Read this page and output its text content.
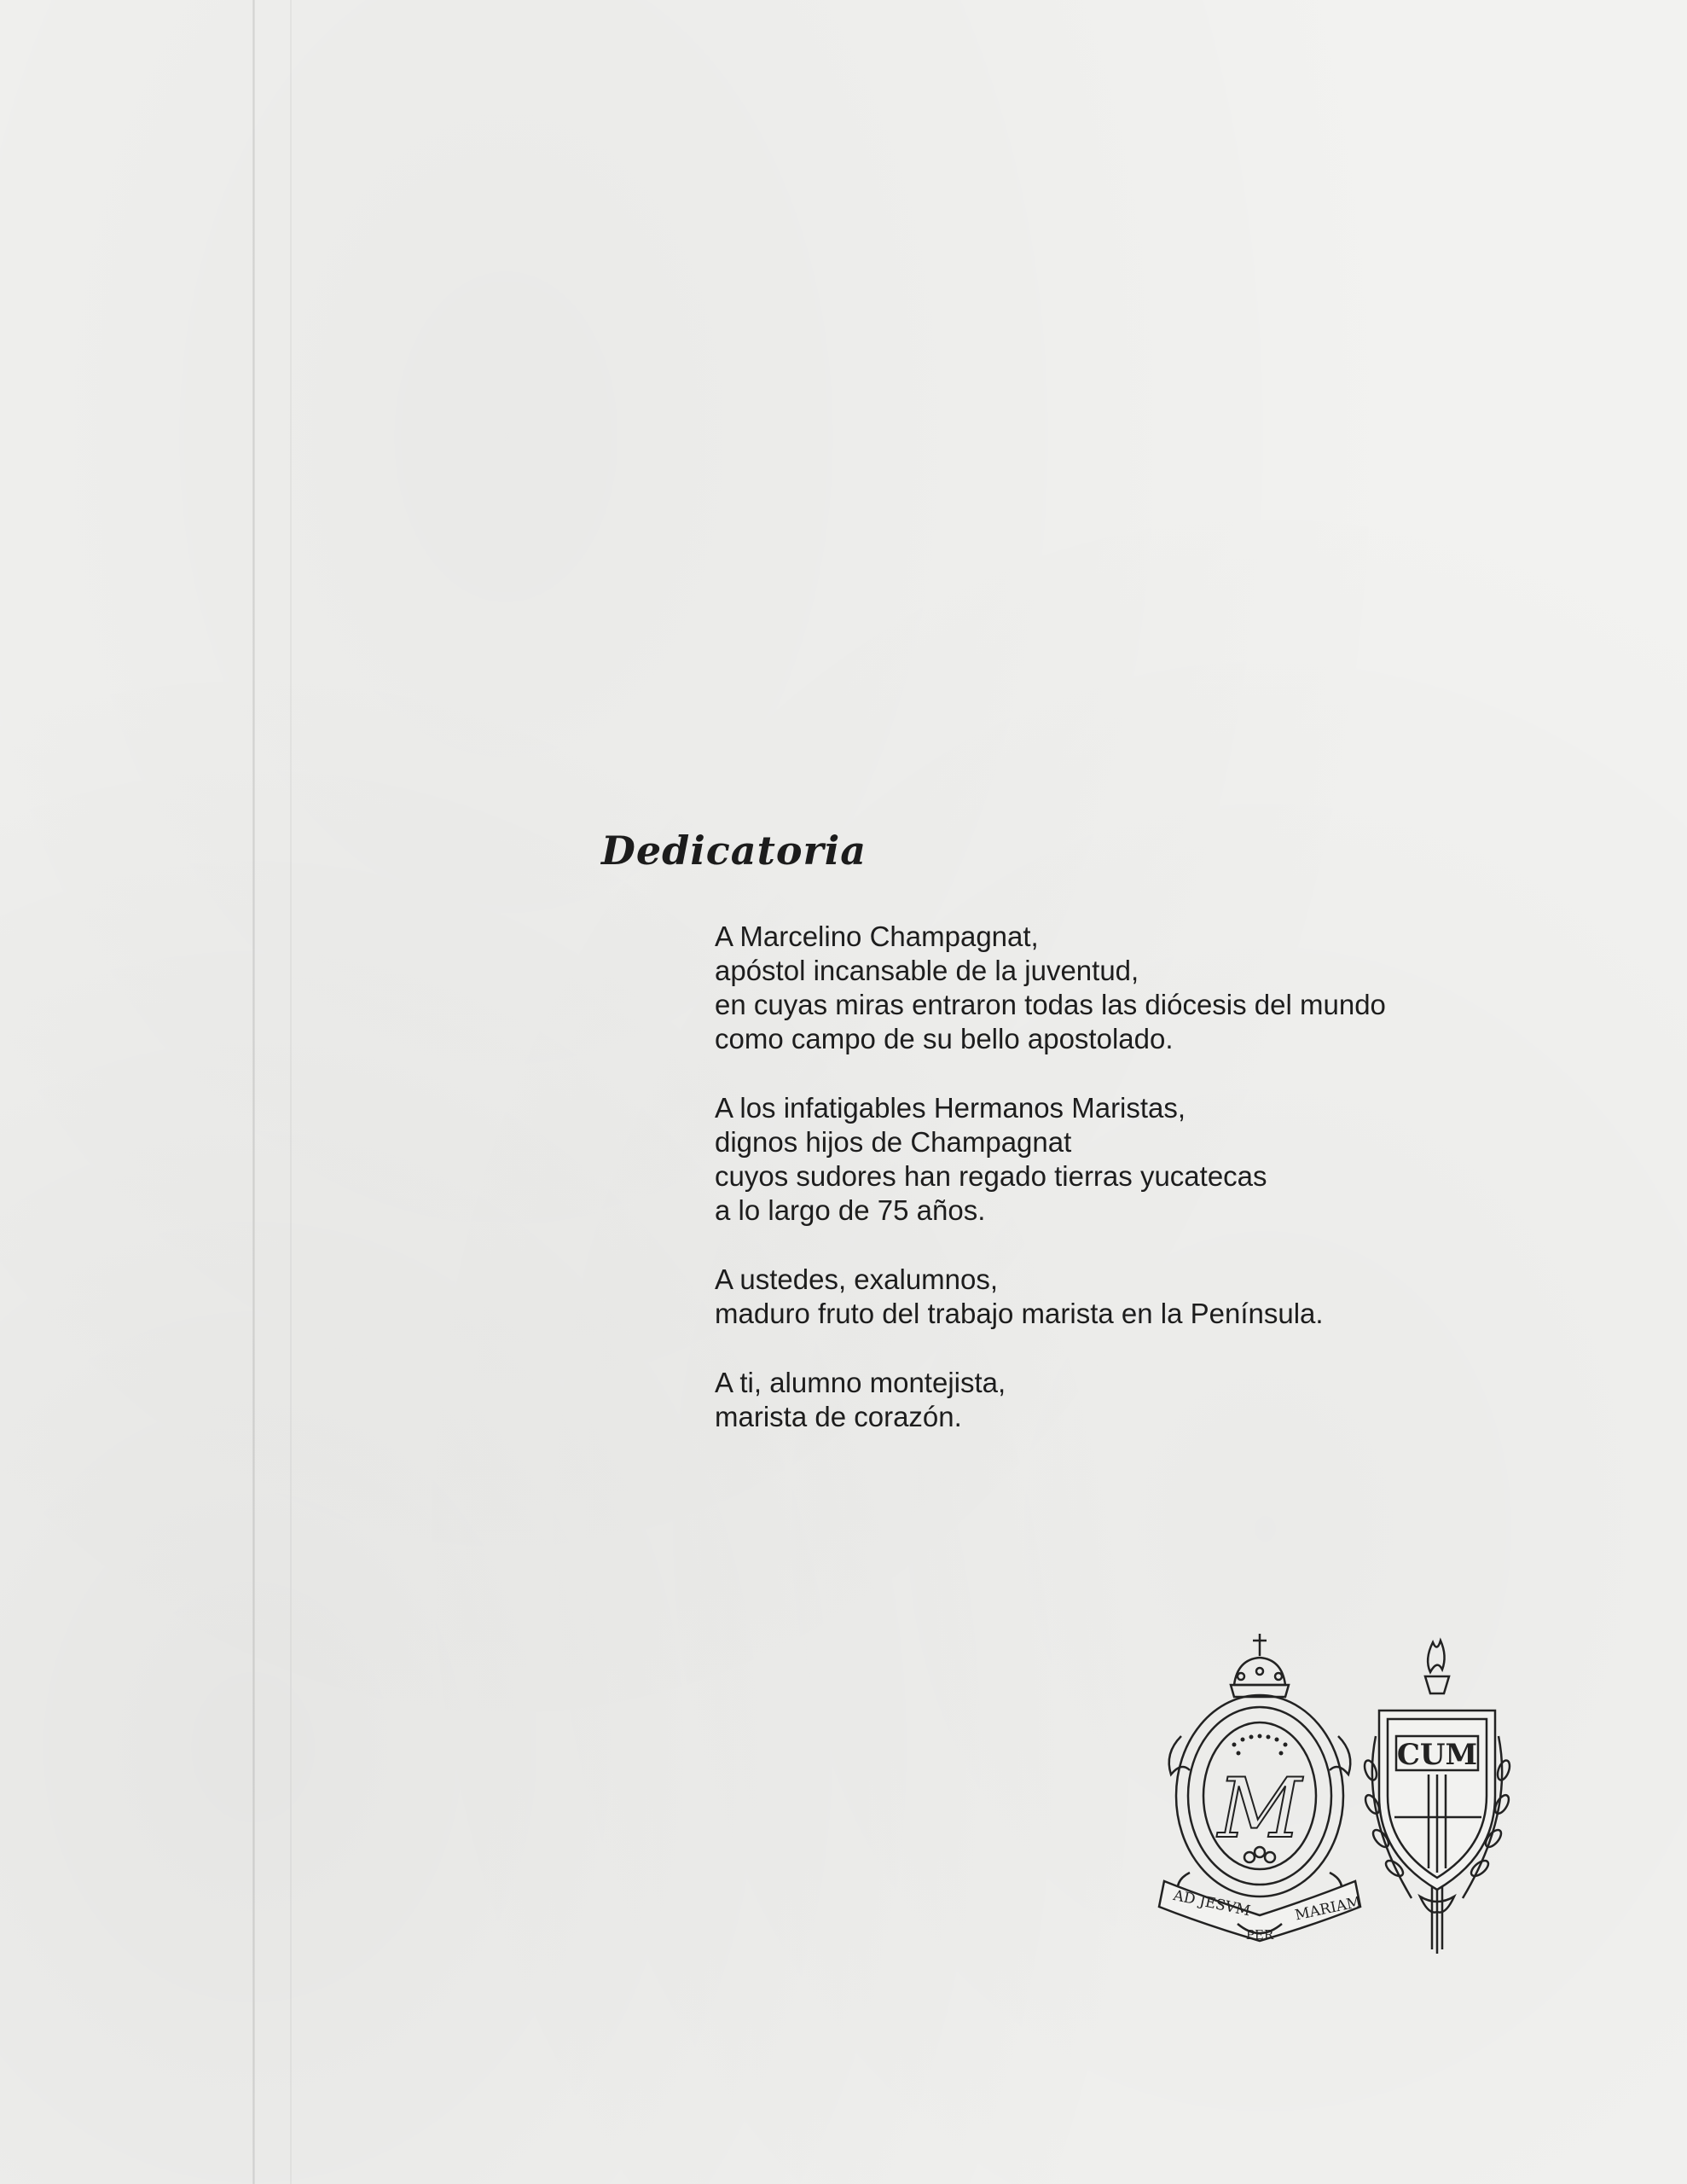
Dedicatoria
A Marcelino Champagnat,
apóstol incansable de la juventud,
en cuyas miras entraron todas las diócesis del mundo
como campo de su bello apostolado.
A los infatigables Hermanos Maristas,
dignos hijos de Champagnat
cuyos sudores han regado tierras yucatecas
a lo largo de 75 años.
A ustedes, exalumnos,
maduro fruto del trabajo marista en la Península.
A ti, alumno montejista,
marista de corazón.
M
AD JESVM
PER
MARIAM
CUM
